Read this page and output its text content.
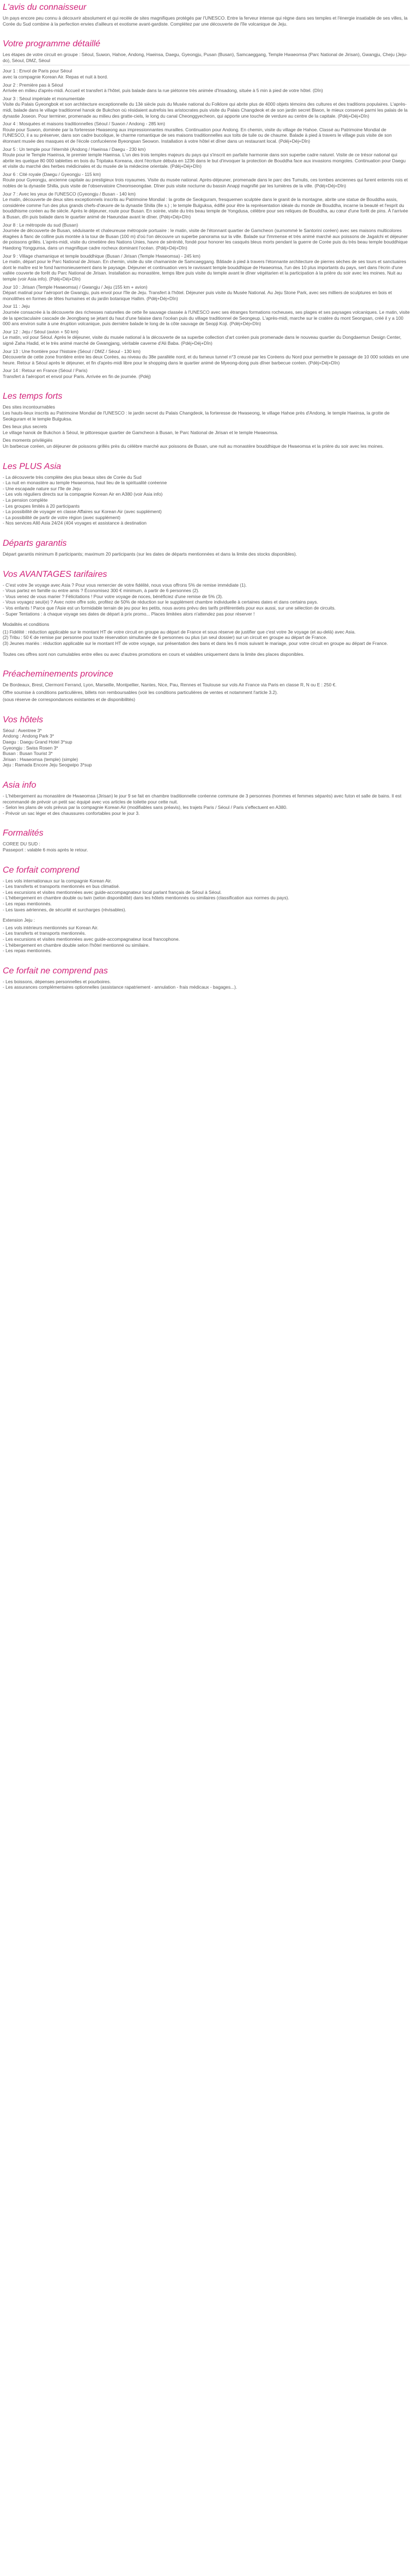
L'avis du connaisseur

Un pays encore peu connu à découvrir absolument et qui recèle de sites magnifiques protégés par l'UNESCO. Entre la ferveur intense qui règne dans ses temples et l'énergie insatiable de ses villes, la Corée du Sud combine à la perfection envies d'ailleurs et exotisme avant-gardiste. Complétez par une découverte de l'île volcanique de Jeju.

Votre programme détaillé

Les étapes de votre circuit en groupe : Séoul, Suwon, Hahoe, Andong, Haeinsa, Daegu, Gyeongju, Pusan (Busan), Samcaeggang, Temple Hwaeomsa (Parc National de Jirisan), Gwangju, Cheju (Jeju-do), Séoul, DMZ, Séoul

Jour 1 : Envol de Paris pour Séoul

avec la compagnie Korean Air. Repas et nuit à bord.

Jour 2 : Première pas à Séoul

Arrivée en milieu d'après-midi. Accueil et transfert à l'hôtel, puis balade dans la rue piétonne très animée d'Insadong, située à 5 min à pied de votre hôtel. (Dîn)

Jour 3 : Séoul impériale et monumentale

Visite du Palais Gyeongbok et son architecture exceptionnelle du 13è siècle puis du Musée national du Folklore qui abrite plus de 4000 objets témoins des cultures et des traditions populaires. L'après-midi, balade dans le village traditionnel hanok de Bukchon où résidaient autrefois les aristocrates puis visite du Palais Changdeok et de son jardin secret Biwon, le mieux conservé parmi les palais de la dynastie Joseon. Pour terminer, promenade au milieu des gratte-ciels, le long du canal Cheonggyecheon, qui apporte une touche de verdure au centre de la capitale. (Pdéj+Déj+Dîn)

Jour 4 : Mosquées et maisons traditionnelles (Séoul / Suwon / Andong - 285 km)

Route pour Suwon, dominée par la forteresse Hwaseong aux impressionnantes murailles. Continuation pour Andong. En chemin, visite du village de Hahoe. Classé au Patrimoine Mondial de l'UNESCO, il a su préserver, dans son cadre bucolique, le charme romantique de ses maisons traditionnelles aux toits de tuile ou de chaume. Balade à pied à travers le village puis visite de son étonnant musée des masques et de l'école confucéenne Byeongsan Seowon. Installation à votre hôtel et dîner dans un restaurant local. (Pdéj+Déj+Dîn)

Jour 5 : Un temple pour l'éternité (Andong / Haeinsa / Daegu - 230 km)

Route pour le Temple Haeinsa, le premier temple Haeinsa. L'un des trois temples majeurs du pays qui s'inscrit en parfaite harmonie dans son superbe cadre naturel. Visite de ce trésor national qui abrite les quelque 80 000 tablettes en bois du Tripitaka Koreana, dont l'écriture débuta en 1236 dans le but d'invoquer la protection de Bouddha face aux invasions mongoles. Continuation pour Daegu et visite du marché des herbes médicinales et du musée de la médecine orientale. (Pdéj+Déj+Dîn)

Jour 6 : Cité royale (Daegu / Gyeongju - 115 km)

Route pour Gyeongju, ancienne capitale au prestigieux trois royaumes. Visite du musée national. Après-déjeuner, promenade dans le parc des Tumulis, ces tombes anciennes qui furent enterrés rois et nobles de la dynastie Shilla, puis visite de l'observatoire Cheomseongdae. Dîner puis visite nocturne du bassin Anapji magnifié par les lumières de la ville. (Pdéj+Déj+Dîn)

Jour 7 : Avec les yeux de l'UNESCO (Gyeongju / Busan - 140 km)

Le matin, découverte de deux sites exceptionnels inscrits au Patrimoine Mondial : la grotte de Seokguram, fresquemen sculptée dans le granit de la montagne, abrite une statue de Bouddha assis, considérée comme l'un des plus grands chefs-d'œuvre de la dynastie Shilla (8e s.) ; le temple Bulguksa, édifié pour être la représentation idéale du monde de Bouddha, incarne la beauté et l'esprit du bouddhisme coréen au 8e siècle. Après le déjeuner, route pour Busan. En soirée, visite du très beau temple de Yongdusa, célèbre pour ses reliques de Bouddha, au cœur d'une forêt de pins. À l'arrivée à Busan, dîn puis balade dans le quartier animé de Haeundae avant le dîner. (Pdéj+Déj+Dîn)

Jour 8 : Le métropole du sud (Busan)

Journée de découverte de Busan, séduisante et chaleureuse métropole portuaire : le matin, visite de l'étonnant quartier de Gamcheon (surnommé le Santorini coréen) avec ses maisons multicolores étagées à flanc de colline puis montée à la tour de Busan (100 m) d'où l'on découvre un superbe panorama sur la ville. Balade sur l'immense et très animé marché aux poissons de Jagalchi et déjeuner de poissons grillés. L'après-midi, visite du cimetière des Nations Unies, havre de sérénité, fondé pour honorer les casqués bleus morts pendant la guerre de Corée puis du très beau temple bouddhique Haedong Yonggunsa, dans un magnifique cadre rocheux dominant l'océan. (Pdéj+Déj+Dîn)

Jour 9 : Village chamanique et temple bouddhique (Busan / Jirisan (Temple Hwaeomsa) - 245 km)

Le matin, départ pour le Parc National de Jirisan. En chemin, visite du site chamaniste de Samcaeggang. Bâtiade à pied à travers l'étonnante architecture de pierres sèches de ses tours et sanctuaires dont le maître est le fond harmonieusement dans le paysage. Déjeuner et continuation vers le ravissant temple bouddhique de Hwaeomsa, l'un des 10 plus importants du pays, sert dans l'écrin d'une vallée couverte de forêt du Parc National de Jirisan. Installation au monastère, temps libre puis visite du temple avant le dîner végétarien et la participation à la prière du soir avec les moines. Nuit au temple (voir Asia info). (Pdéj+Déj+Dîn)

Jour 10 : Jirisan (Temple Hwaeomsa) / Gwangju / Jeju (155 km + avion)

Départ matinal pour l'aéroport de Gwangju, puis envol pour l'île de Jeju. Transfert à l'hôtel. Déjeuner puis visite du Musée National. Au Jeju Stone Park, avec ses milliers de sculptures en bois et monolithes en formes de têtes humaines et du jardin botanique Hallim. (Pdéj+Déj+Dîn)

Jour 11 : Jeju

Journée consacrée à la découverte des richesses naturelles de cette île sauvage classée à l'UNESCO avec ses étranges formations rocheuses, ses plages et ses paysages volcaniques. Le matin, visite de la spectaculaire cascade de Jeongbang se jetant du haut d'une falaise dans l'océan puis du village traditionnel de Seongeup. L'après-midi, marche sur le cratère du mont Seongsan, créé il y a 100 000 ans environ suite à une éruption volcanique, puis dernière balade le long de la côte sauvage de Seopji Koji. (Pdéj+Déj+Dîn)

Jour 12 : Jeju / Séoul (avion + 50 km)

Le matin, vol pour Séoul. Après le déjeuner, visite du musée national à la découverte de sa superbe collection d'art coréen puis promenade dans le nouveau quartier du Dongdaemun Design Center, signé Zaha Hadid, et le très animé marché de Gwangjang, véritable caverne d'Ali Baba. (Pdéj+Déj+Dîn)

Jour 13 : Une frontière pour l'histoire (Séoul / DMZ / Séoul - 130 km)

Découverte de cette zone frontière entre les deux Corées, au niveau du 38e parallèle nord, et du fameux tunnel n°3 creusé par les Coréens du Nord pour permettre le passage de 10 000 soldats en une heure. Retour à Séoul après le déjeuner, et fin d'après-midi libre pour le shopping dans le quartier animé de Myeong-dong puis dîner barbecue coréen. (Pdéj+Déj+Dîn)

Jour 14 : Retour en France (Séoul / Paris)

Transfert à l'aéroport et envol pour Paris. Arrivée en fin de journée. (Pdéj)

Les temps forts

Des sites incontournables

Les hauts-lieux inscrits au Patrimoine Mondial de l'UNESCO : le jardin secret du Palais Changdeok, la forteresse de Hwaseong, le village Hahoe près d'Andong, le temple Haeinsa, la grotte de Seokguram et le temple Bulguksa.

Des lieux plus secrets

Le village hanok de Bukchon à Séoul, le pittoresque quartier de Gamcheon à Busan, le Parc National de Jirisan et le temple Hwaeomsa.

Des moments privilégiés

Un barbecue coréen, un déjeuner de poissons grillés près du célèbre marché aux poissons de Busan, une nuit au monastère bouddhique de Hwaeomsa et la prière du soir avec les moines.

Les PLUS Asia
- La découverte très complète des plus beaux sites de Corée du Sud
- La nuit en monastère au temple Hwaeomsa, haut lieu de la spiritualité coréenne
- Une escapade nature sur l'île de Jeju
- Les vols réguliers directs sur la compagnie Korean Air en A380 (voir Asia info)
- La pension complète
- Les groupes limités à 20 participants
- La possibilité de voyager en classe Affaires sur Korean Air (avec supplément)
- La possibilité de partir de votre région (avec supplément)
- Nos services Allô Asia 24/24 (404 voyages et assistance à destination
Départs garantis

Départ garantis minimum 8 participants; maximum 20 participants (sur les dates de départs mentionnées et dans la limite des stocks disponibles).

Vos AVANTAGES tarifaires
- C'est votre 3e voyage avec Asia ? Pour vous remercier de votre fidélité, nous vous offrons 5% de remise immédiate (1).
- Vous partez en famille ou entre amis ? Économisez 300 € minimum, à partir de 6 personnes (2).
- Vous venez de vous marier ? Félicitations ! Pour votre voyage de noces, bénéficiez d'une remise de 5% (3).
- Vous voyagez seul(e) ? Avec notre offre solo, profitez de 50% de réduction sur le supplément chambre individuelle à certaines dates et dans certains pays.
- Vos enfants ! Parce que l'Asie est un formidable terrain de jeu pour les petits, nous avons prévu des tarifs préférentiels pour eux aussi, sur une sélection de circuits.
- Super Tentations : à chaque voyage ses dates de départ à prix promo... Places limitées alors n'attendez pas pour réserver !

Modalités et conditions

(1) Fidélité : réduction applicable sur le montant HT de votre circuit en groupe au départ de France et sous réserve de justifier que c'est votre 3e voyage (et au-delà) avec Asia.
(2) Tribu : 50 € de remise par personne pour toute réservation simultanée de 6 personnes ou plus (un seul dossier) sur un circuit en groupe au départ de France.
(3) Jeunes mariés : réduction applicable sur le montant HT de votre voyage, sur présentation des bans et dans les 6 mois suivant le mariage, pour votre circuit en groupe au départ de France.

Toutes ces offres sont non cumulables entre elles ou avec d'autres promotions en cours et valables uniquement dans la limite des places disponibles.

Préacheminements province

De Bordeaux, Brest, Clermont Ferrand, Lyon, Marseille, Montpellier, Nantes, Nice, Pau, Rennes et Toulouse sur vols Air France via Paris en classe R, N ou E : 250 €.

Offre soumise à conditions particulières, billets non remboursables (voir les conditions particulières de ventes et notamment l'article 3.2).

(sous réserve de correspondances existantes et de disponibilités)

Vos hôtels
Séoul : Aventree 3*
Andong : Andong Park 3*
Daegu : Daegu Grand Hotel 3*sup
Gyeongju : Swiss Rosen 3*
Busan : Busan Tourist 3*
Jirisan : Hwaeomsa (temple) (simple)
Jeju : Ramada Encore Jeju Seogwipo 3*sup
Asia info
- L'hébergement au monastère de Hwaeomsa (Jirisan) le jour 9 se fait en chambre traditionnelle coréenne commune de 3 personnes (hommes et femmes séparés) avec futon et salle de bains. Il est recommandé de prévoir un petit sac équipé avec vos articles de toilette pour cette nuit.
- Selon les plans de vols prévus par la compagnie Korean Air (modifiables sans préavis), les trajets Paris / Séoul / Paris s'effectuent en A380.
- Prévoir un sac léger et des chaussures confortables pour le jour 3.
Formalités
COREE DU SUD :
Passeport : valable 6 mois après le retour.
Ce forfait comprend
- Les vols internationaux sur la compagnie Korean Air.
- Les transferts et transports mentionnés en bus climatisé.
- Les excursions et visites mentionnées avec guide-accompagnateur local parlant français de Séoul à Séoul.
- L'hébergement en chambre double ou twin (selon disponibilité) dans les hôtels mentionnés ou similaires (classification aux normes du pays).
- Les repas mentionnés.
- Les taxes aériennes, de sécurité et surcharges (révisables).

Extension Jeju :

- Les vols intérieurs mentionnés sur Korean Air.
- Les transferts et transports mentionnés.
- Les excursions et visites mentionnées avec guide-accompagnateur local francophone.
- L'hébergement en chambre double selon l'hôtel mentionné ou similaire.
- Les repas mentionnés.
Ce forfait ne comprend pas
- Les boissons, dépenses personnelles et pourboires.
- Les assurances complémentaires optionnelles (assistance rapatriement - annulation - frais médicaux - bagages...).
